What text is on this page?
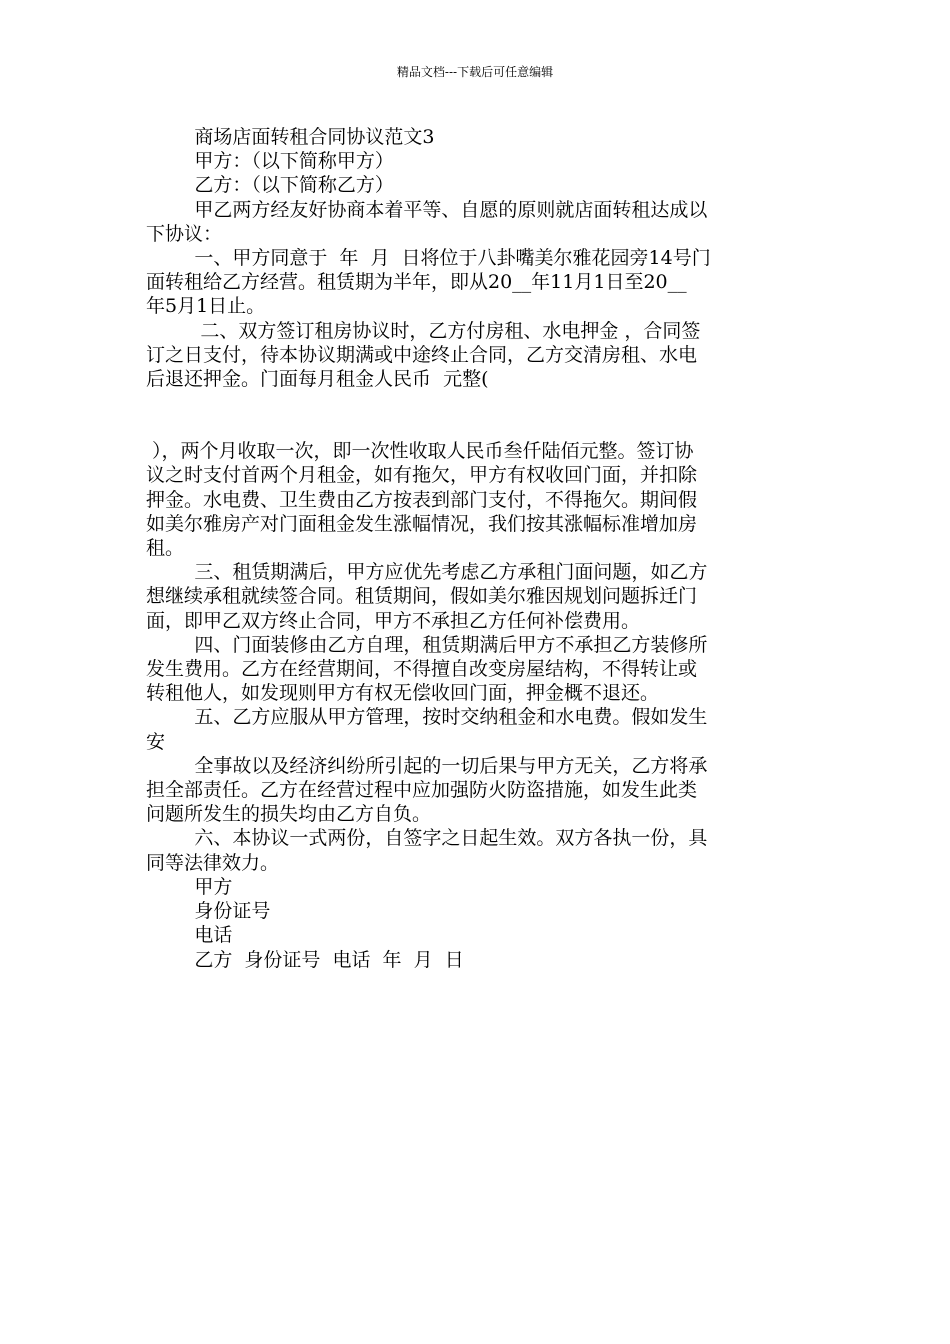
精品文档---下载后可任意编辑
商场店面转租合同协议范文3
甲方：（以下简称甲方）
乙方：（以下简称乙方）
甲乙两方经友好协商本着平等、自愿的原则就店面转租达成以
下协议：
一、甲方同意于  年  月  日将位于八卦嘴美尔雅花园旁14号门
面转租给乙方经营。租赁期为半年，即从20__年11月1日至20__
年5月1日止。
二、双方签订租房协议时，乙方付房租、水电押金 ，合同签
订之日支付，待本协议期满或中途终止合同，乙方交清房租、水电
后退还押金。门面每月租金人民币  元整(
），两个月收取一次，即一次性收取人民币叁仟陆佰元整。签订协
议之时支付首两个月租金，如有拖欠，甲方有权收回门面，并扣除
押金。水电费、卫生费由乙方按表到部门支付，不得拖欠。期间假
如美尔雅房产对门面租金发生涨幅情况，我们按其涨幅标准增加房
租。
三、租赁期满后，甲方应优先考虑乙方承租门面问题，如乙方
想继续承租就续签合同。租赁期间，假如美尔雅因规划问题拆迁门
面，即甲乙双方终止合同，甲方不承担乙方任何补偿费用。
四、门面装修由乙方自理，租赁期满后甲方不承担乙方装修所
发生费用。乙方在经营期间，不得擅自改变房屋结构，不得转让或
转租他人，如发现则甲方有权无偿收回门面，押金概不退还。
五、乙方应服从甲方管理，按时交纳租金和水电费。假如发生
安
全事故以及经济纠纷所引起的一切后果与甲方无关，乙方将承
担全部责任。乙方在经营过程中应加强防火防盗措施，如发生此类
问题所发生的损失均由乙方自负。
六、本协议一式两份，自签字之日起生效。双方各执一份，具
同等法律效力。
甲方
身份证号
电话
乙方  身份证号  电话  年  月  日
